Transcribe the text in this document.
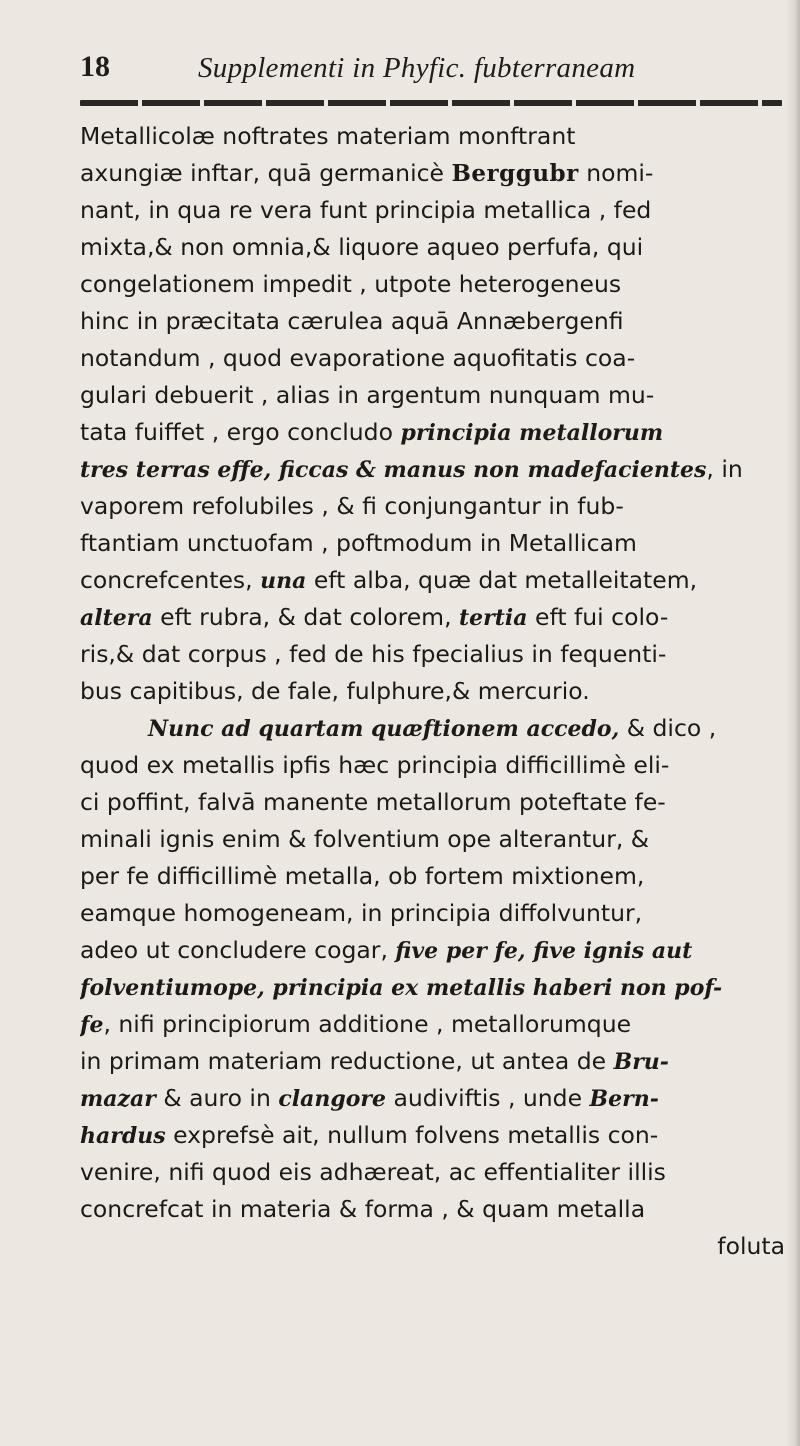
18	Supplementi in Phyfic. fubterraneam
Metallicolæ noftrates materiam monftrant
axungiæ inftar, quā germanicè Berggubr nomi-
nant, in qua re vera funt principia metallica , fed
mixta,& non omnia,& liquore aqueo perfufa, qui
congelationem impedit , utpote heterogeneus
hinc in præcitata cærulea aquā Annæbergenfi
notandum , quod evaporatione aquofitatis coa-
gulari debuerit , alias in argentum nunquam mu-
tata fuiffet , ergo concludo principia metallorum
tres terras effe, ficcas & manus non madefacientes, in
vaporem refolubiles , & fi conjungantur in fub-
ftantiam unctuofam , poftmodum in Metallicam
concrefcentes, una eft alba, quæ dat metalleitatem,
altera eft rubra, & dat colorem, tertia eft fui colo-
ris,& dat corpus , fed de his fpecialius in fequenti-
bus capitibus, de fale, fulphure,& mercurio.
Nunc ad quartam quæftionem accedo, & dico ,
quod ex metallis ipfis hæc principia difficillimè eli-
ci poffint, falvā manente metallorum poteftate fe-
minali ignis enim & folventium ope alterantur, &
per fe difficillimè metalla, ob fortem mixtionem,
eamque homogeneam, in principia diffolvuntur,
adeo ut concludere cogar, five per fe, five ignis aut
folventiumope, principia ex metallis haberi non pof-
fe, nifi principiorum additione , metallorumque
in primam materiam reductione, ut antea de Bru-
mazar & auro in clangore audiviftis , unde Bern-
hardus exprefsè ait, nullum folvens metallis con-
venire, nifi quod eis adhæreat, ac effentialiter illis
concrefcat in materia & forma , & quam metalla
foluta
